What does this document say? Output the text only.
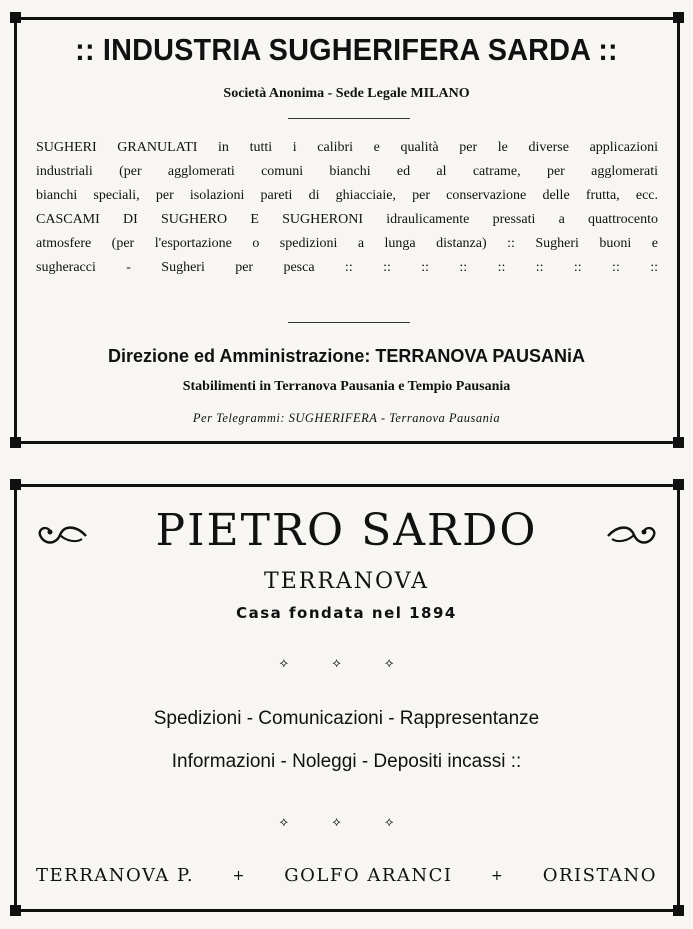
:: INDUSTRIA SUGHERIFERA SARDA ::
Società Anonima - Sede Legale MILANO
SUGHERI GRANULATI in tutti i calibri e qualità per le diverse applicazioni
industriali (per agglomerati comuni bianchi ed al catrame, per agglomerati
bianchi speciali, per isolazioni pareti di ghiacciaie, per conservazione delle frutta, ecc.
CASCAMI DI SUGHERO E SUGHERONI idraulicamente pressati a quattrocento
atmosfere (per l'esportazione o spedizioni a lunga distanza) :: Sugheri buoni e
sugheracci - Sugheri per pesca :: :: :: :: :: :: :: :: ::
Direzione ed Amministrazione: TERRANOVA PAUSANiA
Stabilimenti in Terranova Pausania e Tempio Pausania
Per Telegrammi: SUGHERIFERA - Terranova Pausania
PIETRO SARDO
TERRANOVA
Casa fondata nel 1894
⟡ ⟡ ⟡
Spedizioni - Comunicazioni - Rappresentanze
Informazioni - Noleggi - Depositi incassi ::
⟡ ⟡ ⟡
TERRANOVA P.	+ GOLFO ARANCI	+ ORISTANO
